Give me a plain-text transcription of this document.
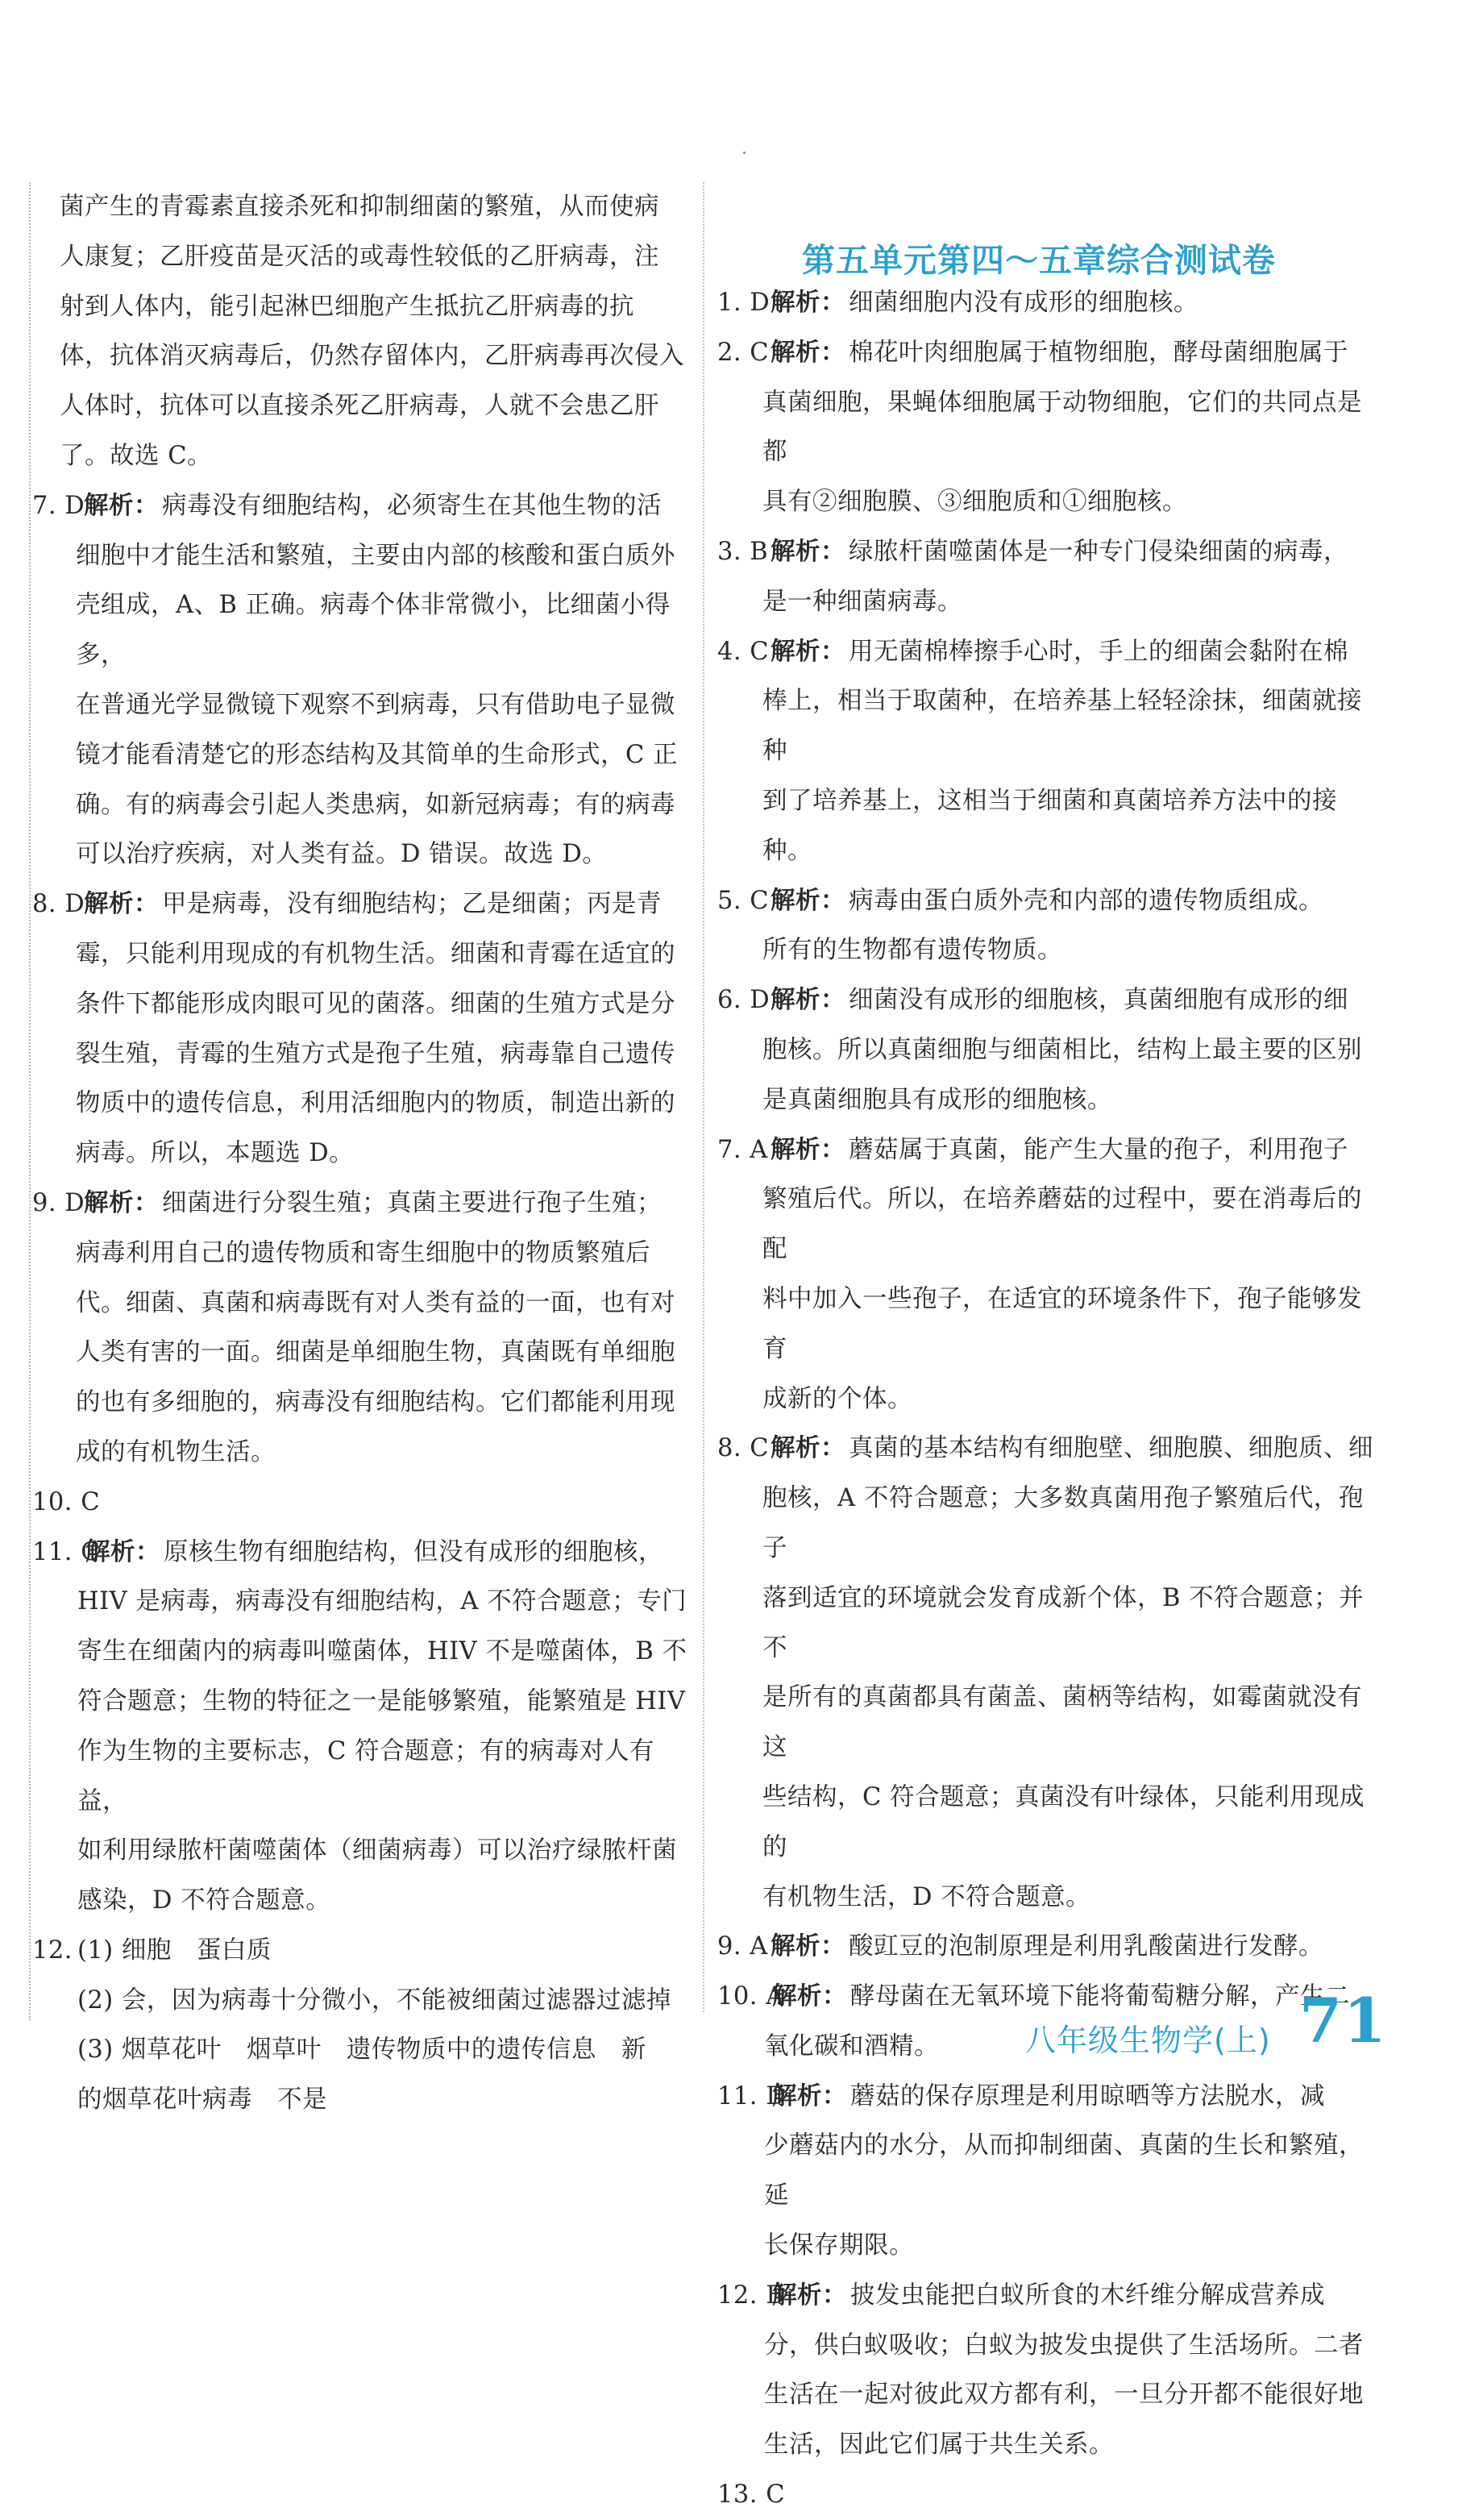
菌产生的青霉素直接杀死和抑制细菌的繁殖，从而使病
人康复；乙肝疫苗是灭活的或毒性较低的乙肝病毒，注
射到人体内，能引起淋巴细胞产生抵抗乙肝病毒的抗
体，抗体消灭病毒后，仍然存留体内，乙肝病毒再次侵入
人体时，抗体可以直接杀死乙肝病毒，人就不会患乙肝
了。故选 C。
7. D
解析： 病毒没有细胞结构，必须寄生在其他生物的活
细胞中才能生活和繁殖，主要由内部的核酸和蛋白质外
壳组成，A、B 正确。病毒个体非常微小，比细菌小得多，
在普通光学显微镜下观察不到病毒，只有借助电子显微
镜才能看清楚它的形态结构及其简单的生命形式，C 正
确。有的病毒会引起人类患病，如新冠病毒；有的病毒
可以治疗疾病，对人类有益。D 错误。故选 D。
8. D
解析： 甲是病毒，没有细胞结构；乙是细菌；丙是青
霉，只能利用现成的有机物生活。细菌和青霉在适宜的
条件下都能形成肉眼可见的菌落。细菌的生殖方式是分
裂生殖，青霉的生殖方式是孢子生殖，病毒靠自己遗传
物质中的遗传信息，利用活细胞内的物质，制造出新的
病毒。所以，本题选 D。
9. D
解析： 细菌进行分裂生殖；真菌主要进行孢子生殖；
病毒利用自己的遗传物质和寄生细胞中的物质繁殖后
代。细菌、真菌和病毒既有对人类有益的一面，也有对
人类有害的一面。细菌是单细胞生物，真菌既有单细胞
的也有多细胞的，病毒没有细胞结构。它们都能利用现
成的有机物生活。
10. C

11. C
解析： 原核生物有细胞结构，但没有成形的细胞核，
HIV 是病毒，病毒没有细胞结构，A 不符合题意；专门
寄生在细菌内的病毒叫噬菌体，HIV 不是噬菌体，B 不
符合题意；生物的特征之一是能够繁殖，能繁殖是 HIV
作为生物的主要标志，C 符合题意；有的病毒对人有益，
如利用绿脓杆菌噬菌体（细菌病毒）可以治疗绿脓杆菌
感染，D 不符合题意。
12. (1) 细胞　蛋白质
(2) 会，因为病毒十分微小，不能被细菌过滤器过滤掉
(3) 烟草花叶　烟草叶　遗传物质中的遗传信息　新
的烟草花叶病毒　不是
第五单元第四～五章综合测试卷
1. D 解析： 细菌细胞内没有成形的细胞核。
2. C 解析： 棉花叶肉细胞属于植物细胞，酵母菌细胞属于
真菌细胞，果蝇体细胞属于动物细胞，它们的共同点是都
具有②细胞膜、③细胞质和①细胞核。
3. B 解析： 绿脓杆菌噬菌体是一种专门侵染细菌的病毒，
是一种细菌病毒。
4. C 解析： 用无菌棉棒擦手心时，手上的细菌会黏附在棉
棒上，相当于取菌种，在培养基上轻轻涂抹，细菌就接种
到了培养基上，这相当于细菌和真菌培养方法中的接种。
5. C 解析： 病毒由蛋白质外壳和内部的遗传物质组成。
所有的生物都有遗传物质。
6. D 解析： 细菌没有成形的细胞核，真菌细胞有成形的细
胞核。所以真菌细胞与细菌相比，结构上最主要的区别
是真菌细胞具有成形的细胞核。
7. A 解析： 蘑菇属于真菌，能产生大量的孢子，利用孢子
繁殖后代。所以，在培养蘑菇的过程中，要在消毒后的配
料中加入一些孢子，在适宜的环境条件下，孢子能够发育
成新的个体。
8. C 解析： 真菌的基本结构有细胞壁、细胞膜、细胞质、细
胞核，A 不符合题意；大多数真菌用孢子繁殖后代，孢子
落到适宜的环境就会发育成新个体，B 不符合题意；并不
是所有的真菌都具有菌盖、菌柄等结构，如霉菌就没有这
些结构，C 符合题意；真菌没有叶绿体，只能利用现成的
有机物生活，D 不符合题意。
9. A 解析： 酸豇豆的泡制原理是利用乳酸菌进行发酵。
10. A
解析： 酵母菌在无氧环境下能将葡萄糖分解，产生二
氧化碳和酒精。
11. D
解析： 蘑菇的保存原理是利用晾晒等方法脱水，减
少蘑菇内的水分，从而抑制细菌、真菌的生长和繁殖，延
长保存期限。
12. B
解析： 披发虫能把白蚁所食的木纤维分解成营养成
分，供白蚁吸收；白蚁为披发虫提供了生活场所。二者
生活在一起对彼此双方都有利，一旦分开都不能很好地
生活，因此它们属于共生关系。
13. C

八年级生物学(上) 71
